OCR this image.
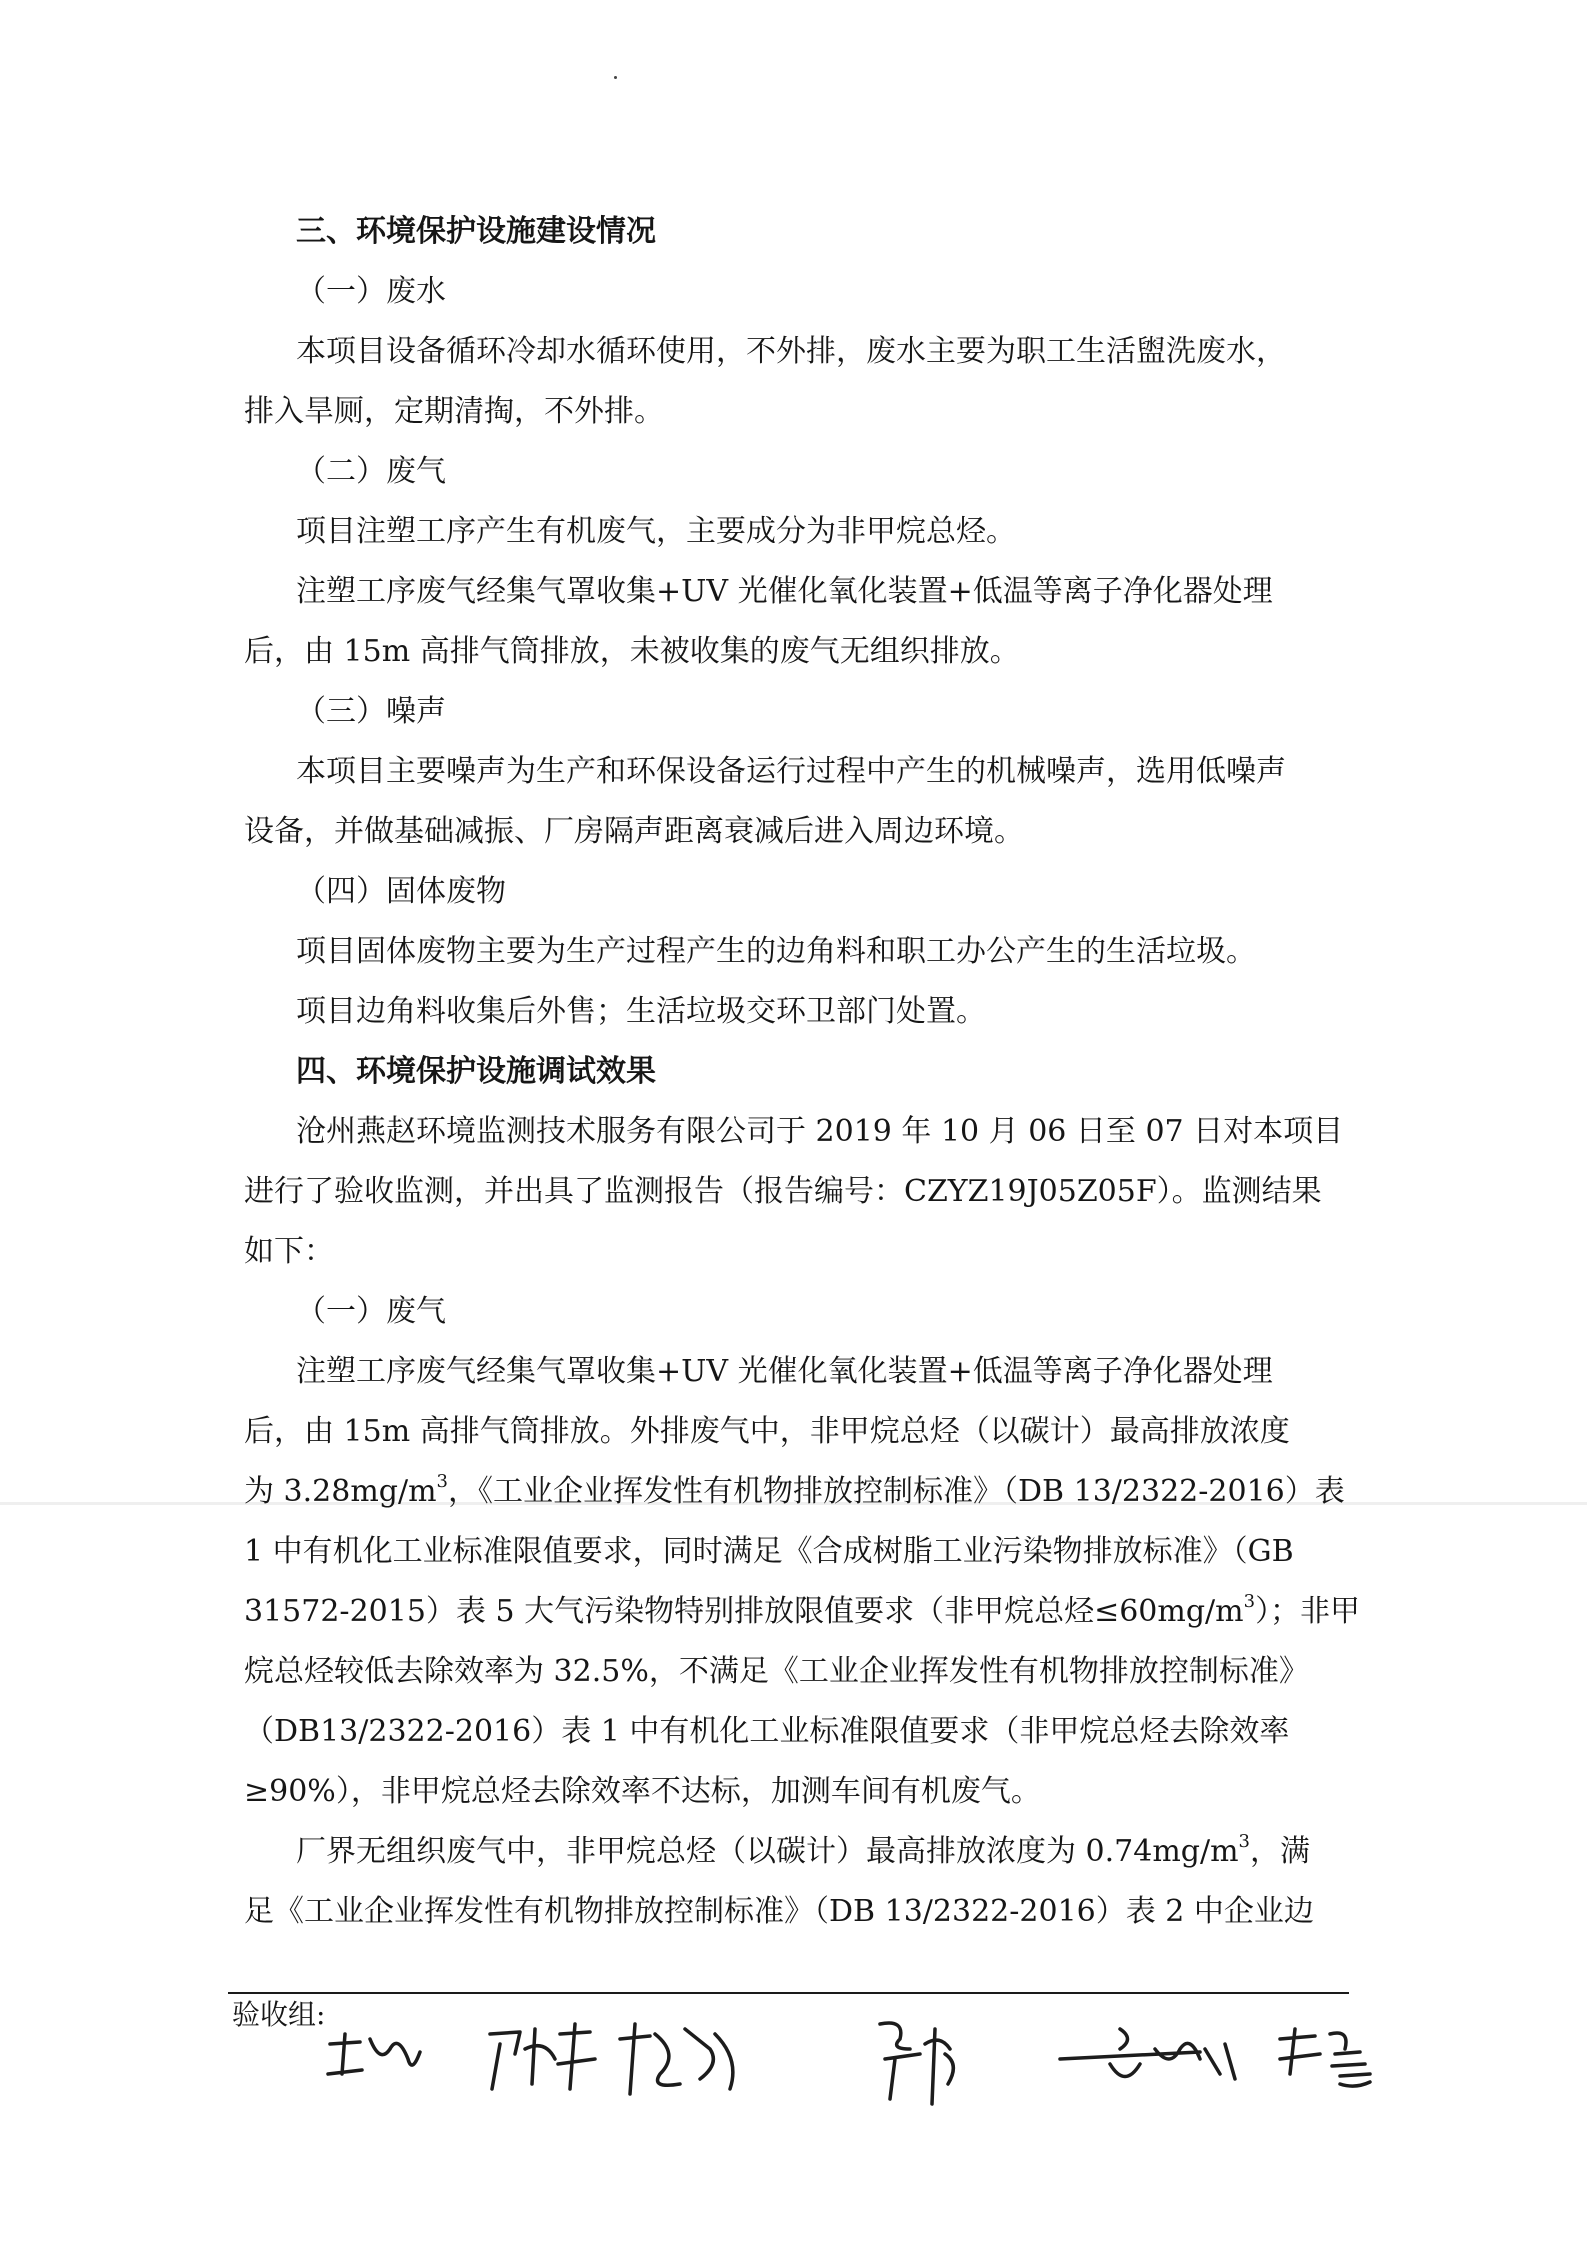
三、环境保护设施建设情况
（一）废水
本项目设备循环冷却水循环使用，不外排，废水主要为职工生活盥洗废水，
排入旱厕，定期清掏，不外排。
（二）废气
项目注塑工序产生有机废气，主要成分为非甲烷总烃。
注塑工序废气经集气罩收集+UV 光催化氧化装置+低温等离子净化器处理
后，由 15m 高排气筒排放，未被收集的废气无组织排放。
（三）噪声
本项目主要噪声为生产和环保设备运行过程中产生的机械噪声，选用低噪声
设备，并做基础减振、厂房隔声距离衰减后进入周边环境。
（四）固体废物
项目固体废物主要为生产过程产生的边角料和职工办公产生的生活垃圾。
项目边角料收集后外售；生活垃圾交环卫部门处置。
四、环境保护设施调试效果
沧州燕赵环境监测技术服务有限公司于 2019 年 10 月 06 日至 07 日对本项目
进行了验收监测，并出具了监测报告（报告编号：CZYZ19J05Z05F）。监测结果
如下：
（一）废气
注塑工序废气经集气罩收集+UV 光催化氧化装置+低温等离子净化器处理
后，由 15m 高排气筒排放。外排废气中，非甲烷总烃（以碳计）最高排放浓度
为 $3.28mg/m^3$，《工业企业挥发性有机物排放控制标准》（DB 13/2322-2016）表
1 中有机化工业标准限值要求，同时满足《合成树脂工业污染物排放标准》（GB
31572-2015）表 5 大气污染物特别排放限值要求（非甲烷总烃$\le 60mg/m^3$）；非甲
烷总烃较低去除效率为 32.5%，不满足《工业企业挥发性有机物排放控制标准》
（DB13/2322-2016）表 1 中有机化工业标准限值要求（非甲烷总烃去除效率
≥90%），非甲烷总烃去除效率不达标，加测车间有机废气。
厂界无组织废气中，非甲烷总烃（以碳计）最高排放浓度为 $0.74mg/m^3$，满
足《工业企业挥发性有机物排放控制标准》（DB 13/2322-2016）表 2 中企业边
验收组:
